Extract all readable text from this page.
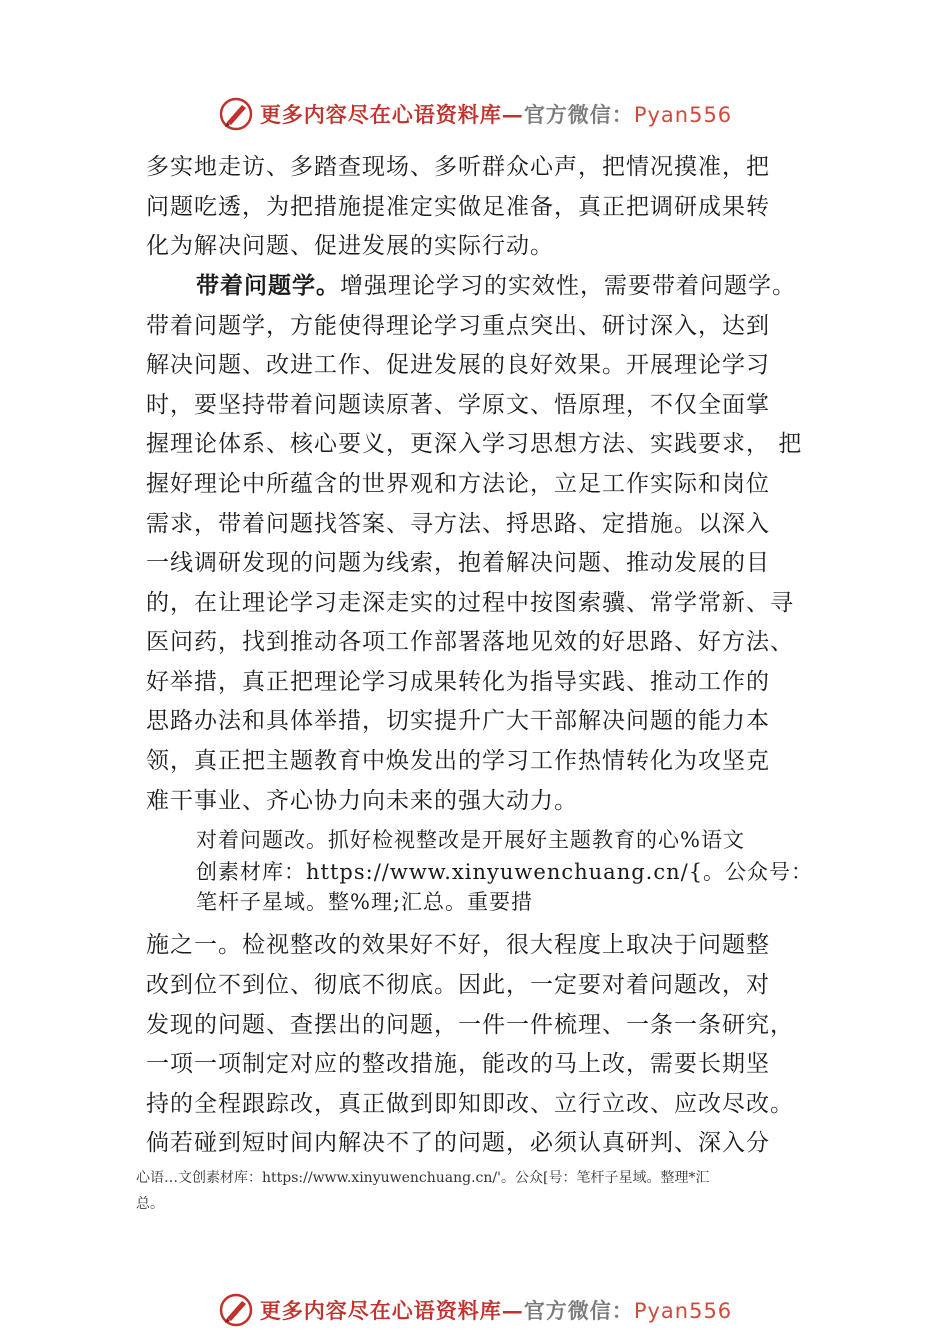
更多内容尽在心语资料库—官方微信：Pyan556
多实地走访、多踏查现场、多听群众心声，把情况摸准，把
问题吃透，为把措施提准定实做足准备，真正把调研成果转
化为解决问题、促进发展的实际行动。
带着问题学。增强理论学习的实效性，需要带着问题学。
带着问题学，方能使得理论学习重点突出、研讨深入，达到
解决问题、改进工作、促进发展的良好效果。开展理论学习
时，要坚持带着问题读原著、学原文、悟原理，不仅全面掌
握理论体系、核心要义，更深入学习思想方法、实践要求， 把
握好理论中所蕴含的世界观和方法论，立足工作实际和岗位
需求，带着问题找答案、寻方法、捋思路、定措施。以深入
一线调研发现的问题为线索，抱着解决问题、推动发展的目
的，在让理论学习走深走实的过程中按图索骥、常学常新、寻
医问药，找到推动各项工作部署落地见效的好思路、好方法、
好举措，真正把理论学习成果转化为指导实践、推动工作的
思路办法和具体举措，切实提升广大干部解决问题的能力本
领，真正把主题教育中焕发出的学习工作热情转化为攻坚克
难干事业、齐心协力向未来的强大动力。
对着问题改。抓好检视整改是开展好主题教育的心%语文
创素材库：https://www.xinyuwenchuang.cn/{。公众号：
笔杆子星域。整%理;汇总。重要措
施之一。检视整改的效果好不好，很大程度上取决于问题整
改到位不到位、彻底不彻底。因此，一定要对着问题改，对
发现的问题、查摆出的问题，一件一件梳理、一条一条研究，
一项一项制定对应的整改措施，能改的马上改，需要长期坚
持的全程跟踪改，真正做到即知即改、立行立改、应改尽改。
倘若碰到短时间内解决不了的问题，必须认真研判、深入分
心语…文创素材库：https://www.xinyuwenchuang.cn/'。公众[号：笔杆子星域。整理*汇
总。
更多内容尽在心语资料库—官方微信：Pyan556
